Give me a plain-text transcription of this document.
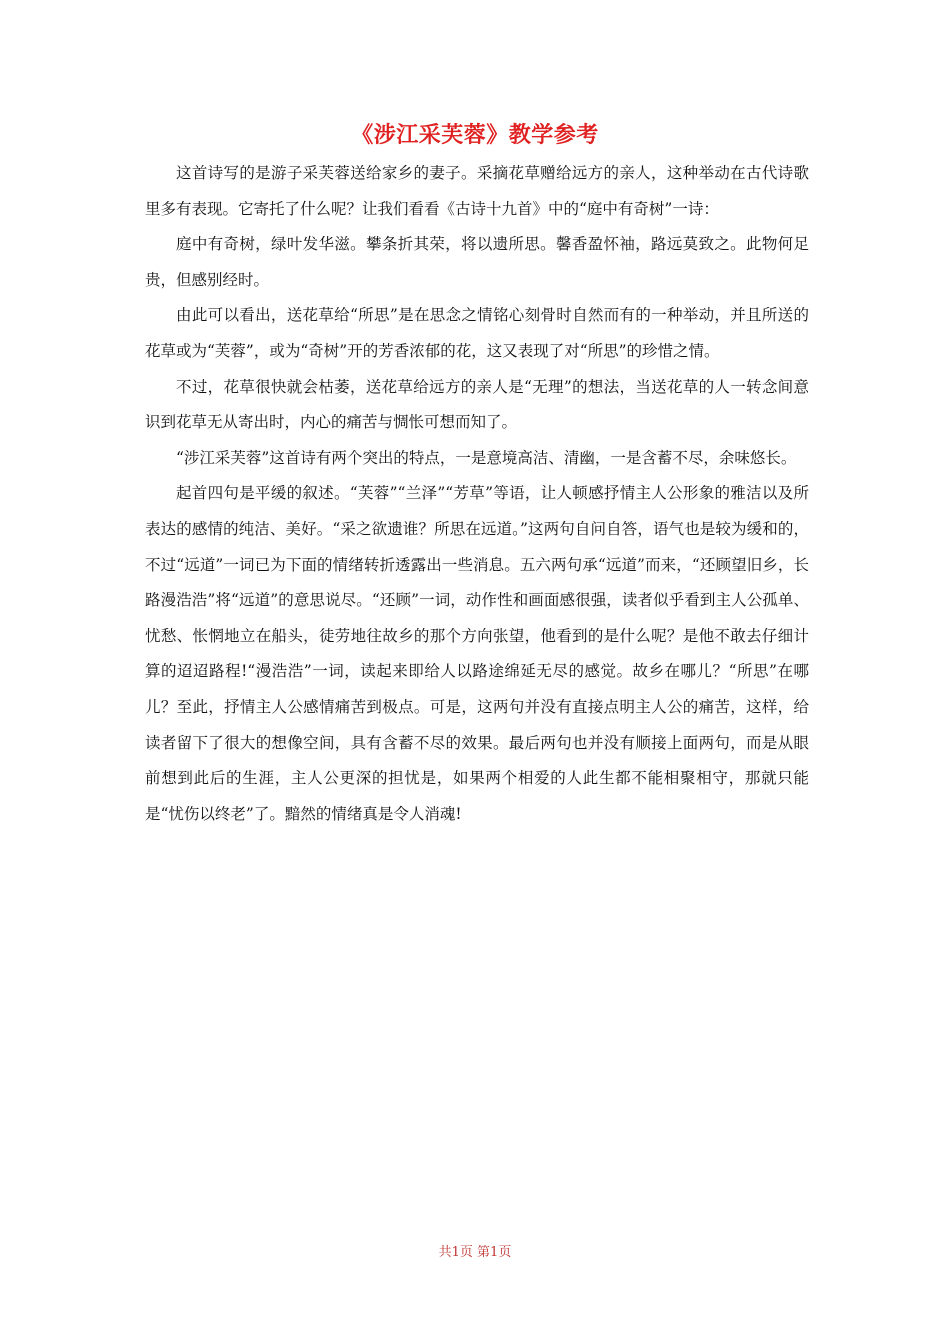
《涉江采芙蓉》教学参考

这首诗写的是游子采芙蓉送给家乡的妻子。采摘花草赠给远方的亲人，这种举动在古代诗歌里多有表现。它寄托了什么呢？让我们看看《古诗十九首》中的“庭中有奇树”一诗：

庭中有奇树，绿叶发华滋。攀条折其荣，将以遗所思。馨香盈怀袖，路远莫致之。此物何足贵，但感别经时。

由此可以看出，送花草给“所思”是在思念之情铭心刻骨时自然而有的一种举动，并且所送的花草或为“芙蓉”，或为“奇树”开的芳香浓郁的花，这又表现了对“所思”的珍惜之情。

不过，花草很快就会枯萎，送花草给远方的亲人是“无理”的想法，当送花草的人一转念间意识到花草无从寄出时，内心的痛苦与惆怅可想而知了。

“涉江采芙蓉”这首诗有两个突出的特点，一是意境高洁、清幽，一是含蓄不尽，余味悠长。

起首四句是平缓的叙述。“芙蓉”“兰泽”“芳草”等语，让人顿感抒情主人公形象的雅洁以及所表达的感情的纯洁、美好。“采之欲遗谁？所思在远道。”这两句自问自答，语气也是较为缓和的，不过“远道”一词已为下面的情绪转折透露出一些消息。五六两句承“远道”而来，“还顾望旧乡，长路漫浩浩”将“远道”的意思说尽。“还顾”一词，动作性和画面感很强，读者似乎看到主人公孤单、忧愁、怅惘地立在船头，徒劳地往故乡的那个方向张望，他看到的是什么呢？是他不敢去仔细计算的迢迢路程!“漫浩浩”一词，读起来即给人以路途绵延无尽的感觉。故乡在哪儿？“所思”在哪儿？至此，抒情主人公感情痛苦到极点。可是，这两句并没有直接点明主人公的痛苦，这样，给读者留下了很大的想像空间，具有含蓄不尽的效果。最后两句也并没有顺接上面两句，而是从眼前想到此后的生涯，主人公更深的担忧是，如果两个相爱的人此生都不能相聚相守，那就只能是“忧伤以终老”了。黯然的情绪真是令人消魂!

共1页 第1页
